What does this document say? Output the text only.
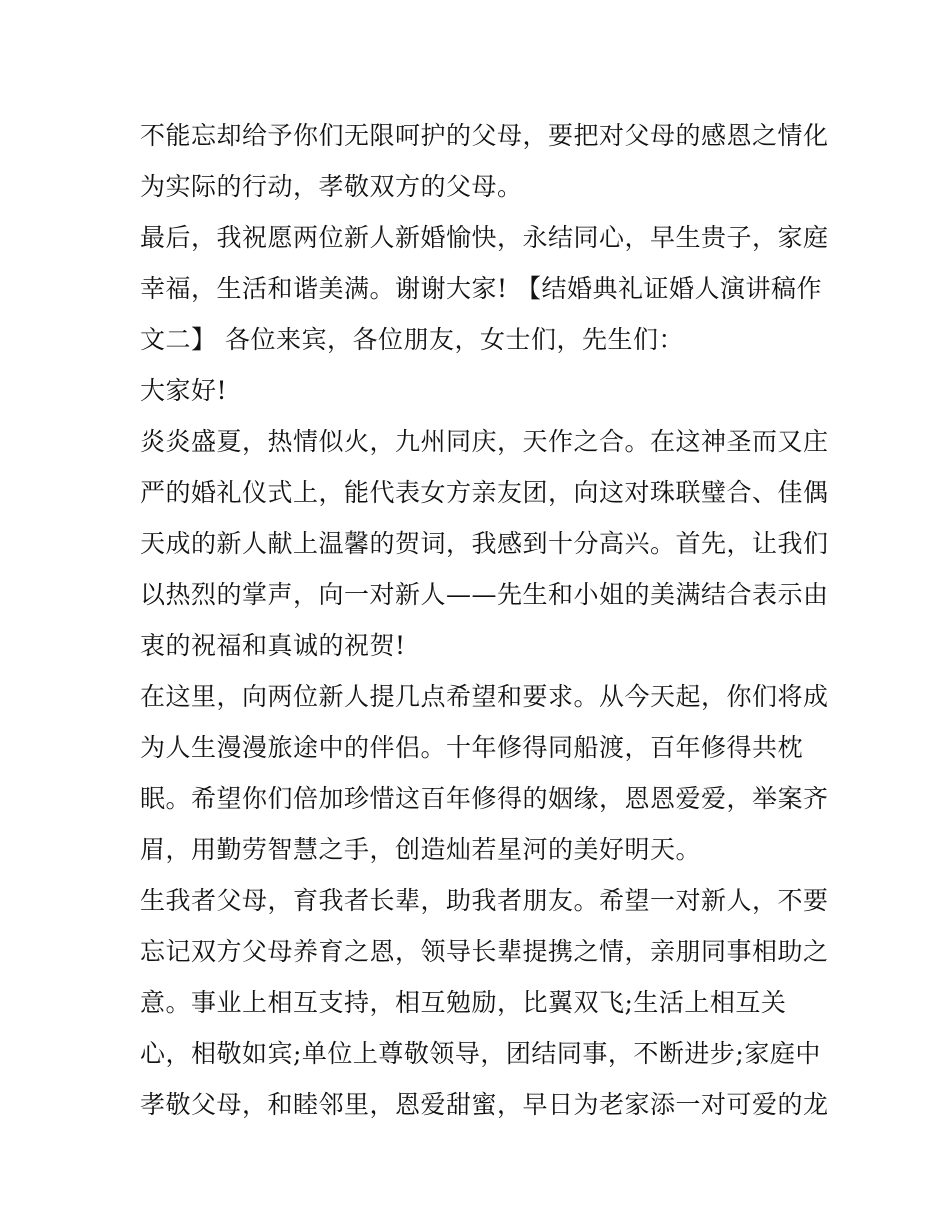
不能忘却给予你们无限呵护的父母，要把对父母的感恩之情化
为实际的行动，孝敬双方的父母。
最后，我祝愿两位新人新婚愉快，永结同心，早生贵子，家庭
幸福，生活和谐美满。谢谢大家! 【结婚典礼证婚人演讲稿作
文二】 各位来宾，各位朋友，女士们，先生们：
大家好!
炎炎盛夏，热情似火，九州同庆，天作之合。在这神圣而又庄
严的婚礼仪式上，能代表女方亲友团，向这对珠联璧合、佳偶
天成的新人献上温馨的贺词，我感到十分高兴。首先，让我们
以热烈的掌声，向一对新人——先生和小姐的美满结合表示由
衷的祝福和真诚的祝贺!
在这里，向两位新人提几点希望和要求。从今天起，你们将成
为人生漫漫旅途中的伴侣。十年修得同船渡，百年修得共枕
眠。希望你们倍加珍惜这百年修得的姻缘，恩恩爱爱，举案齐
眉，用勤劳智慧之手，创造灿若星河的美好明天。
生我者父母，育我者长辈，助我者朋友。希望一对新人，不要
忘记双方父母养育之恩，领导长辈提携之情，亲朋同事相助之
意。事业上相互支持，相互勉励，比翼双飞;生活上相互关
心，相敬如宾;单位上尊敬领导，团结同事，不断进步;家庭中
孝敬父母，和睦邻里，恩爱甜蜜，早日为老家添一对可爱的龙
